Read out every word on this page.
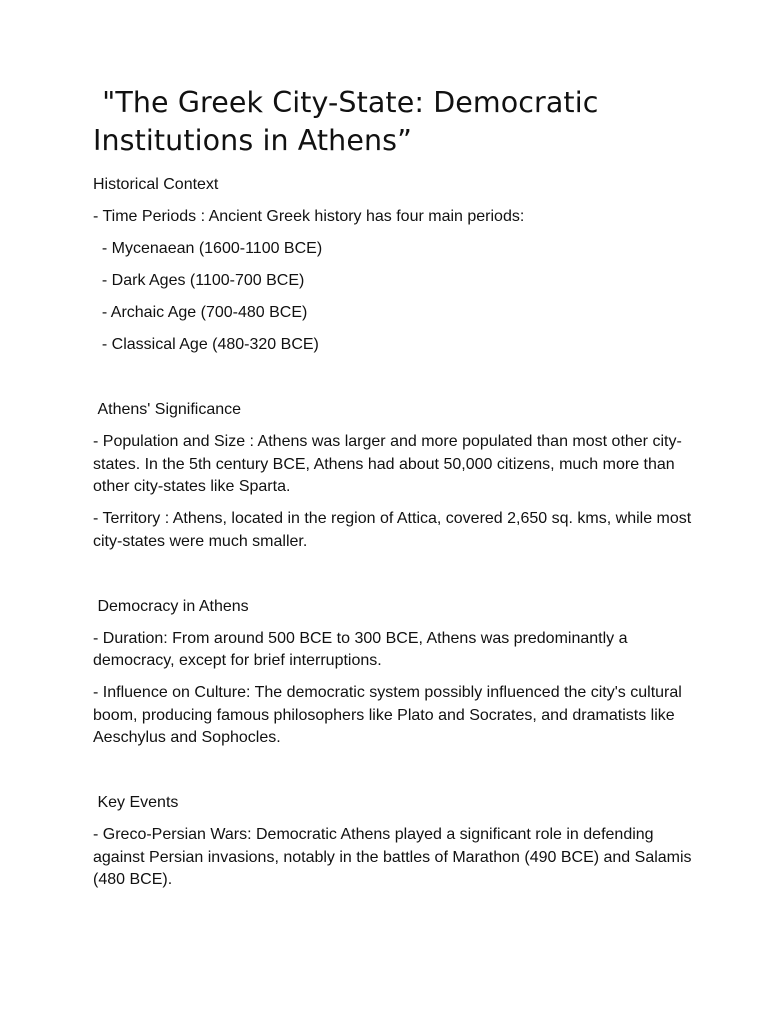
"The Greek City-State: Democratic Institutions in Athens”

Historical Context

- Time Periods : Ancient Greek history has four main periods:

- Mycenaean (1600-1100 BCE)

- Dark Ages (1100-700 BCE)

- Archaic Age (700-480 BCE)

- Classical Age (480-320 BCE)

Athens' Significance

- Population and Size : Athens was larger and more populated than most other city-states. In the 5th century BCE, Athens had about 50,000 citizens, much more than other city-states like Sparta.

- Territory : Athens, located in the region of Attica, covered 2,650 sq. kms, while most city-states were much smaller.

Democracy in Athens

- Duration: From around 500 BCE to 300 BCE, Athens was predominantly a democracy, except for brief interruptions.

- Influence on Culture: The democratic system possibly influenced the city's cultural boom, producing famous philosophers like Plato and Socrates, and dramatists like Aeschylus and Sophocles.

Key Events

- Greco-Persian Wars: Democratic Athens played a significant role in defending against Persian invasions, notably in the battles of Marathon (490 BCE) and Salamis (480 BCE).
